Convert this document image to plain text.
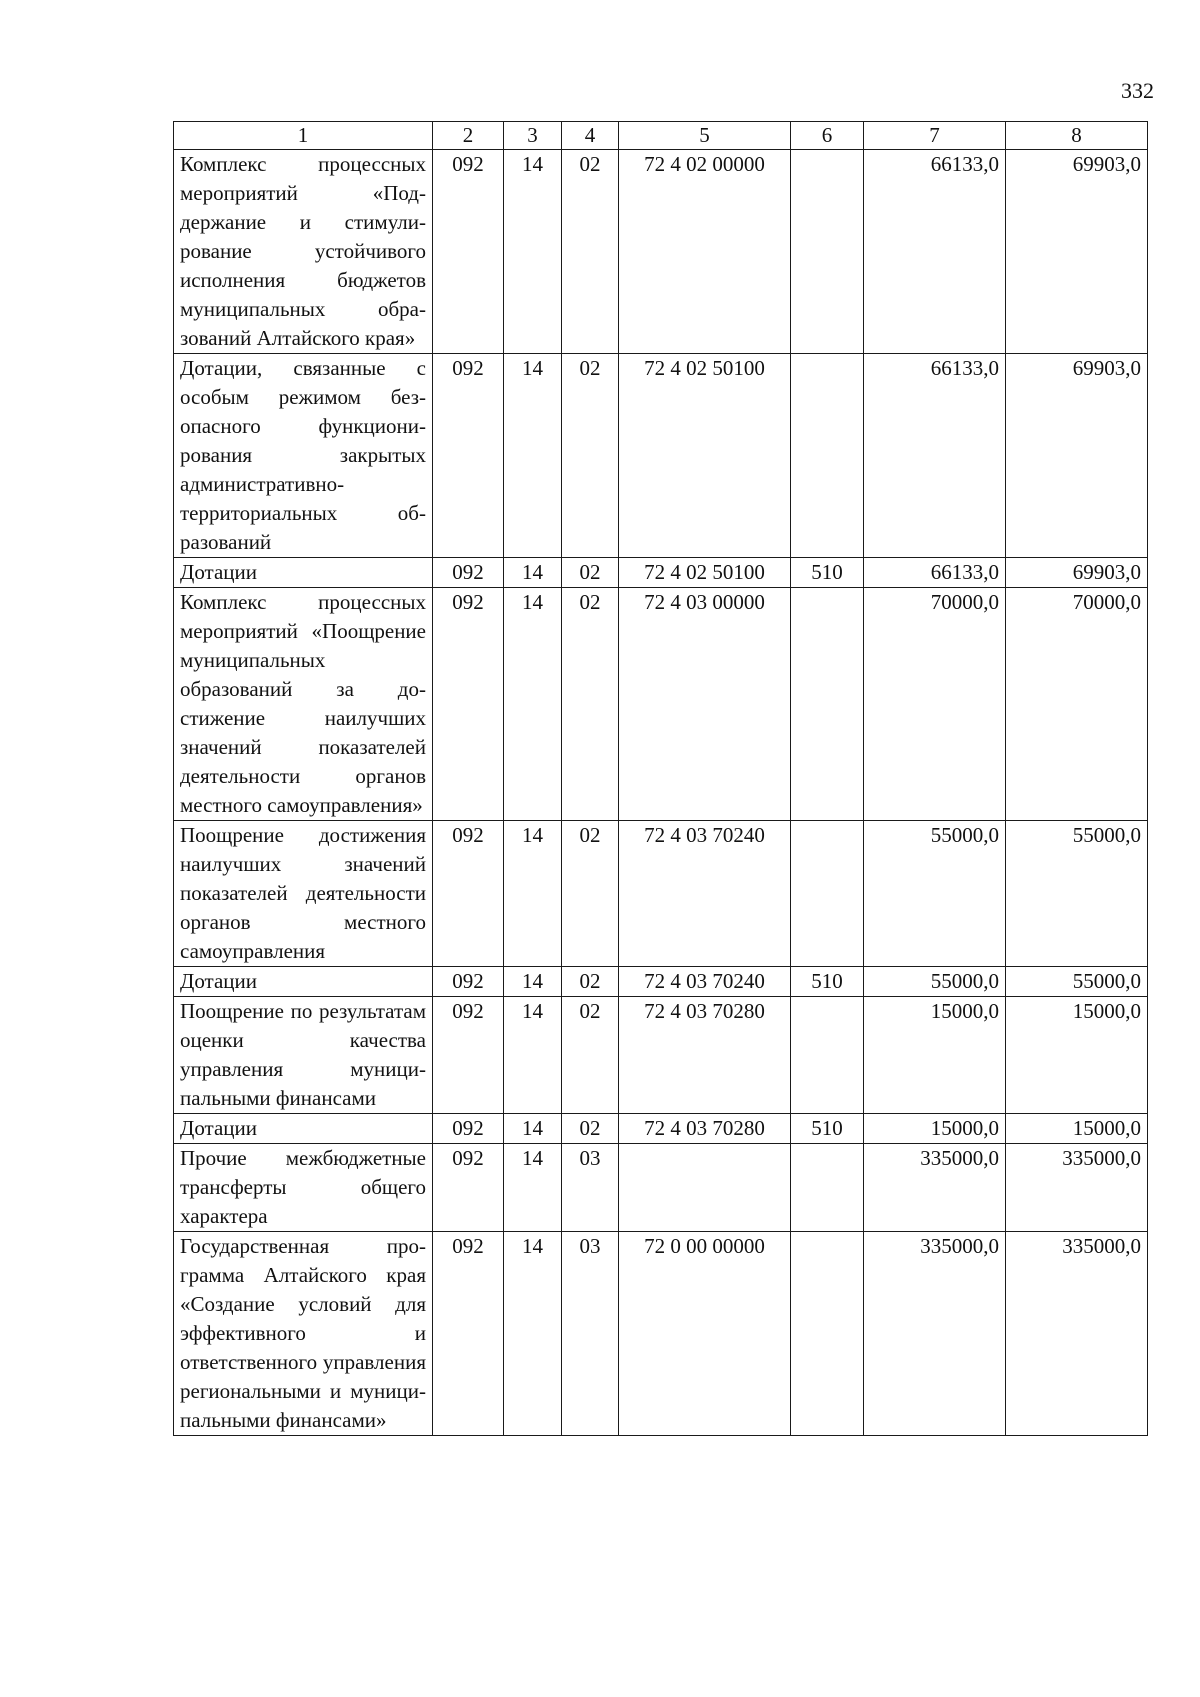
332
1	2	3	4	5	6	7	8
Комплекс процессных мероприятий «Поддержание и стимулирование устойчивого исполнения бюджетов муниципальных образований Алтайского края»	092	14	02	72 4 02 00000		66133,0	69903,0
Дотации, связанные с особым режимом безопасного функционирования закрытых административно-территориальных образований	092	14	02	72 4 02 50100		66133,0	69903,0
Дотации	092	14	02	72 4 02 50100	510	66133,0	69903,0
Комплекс процессных мероприятий «Поощрение муниципальных образований за достижение наилучших значений показателей деятельности органов местного самоуправления»	092	14	02	72 4 03 00000		70000,0	70000,0
Поощрение достижения наилучших значений показателей деятельности органов местного самоуправления	092	14	02	72 4 03 70240		55000,0	55000,0
Дотации	092	14	02	72 4 03 70240	510	55000,0	55000,0
Поощрение по результатам оценки качества управления муниципальными финансами	092	14	02	72 4 03 70280		15000,0	15000,0
Дотации	092	14	02	72 4 03 70280	510	15000,0	15000,0
Прочие межбюджетные трансферты общего характера	092	14	03			335000,0	335000,0
Государственная программа Алтайского края «Создание условий для эффективного и ответственного управления региональными и муниципальными финансами»	092	14	03	72 0 00 00000		335000,0	335000,0
